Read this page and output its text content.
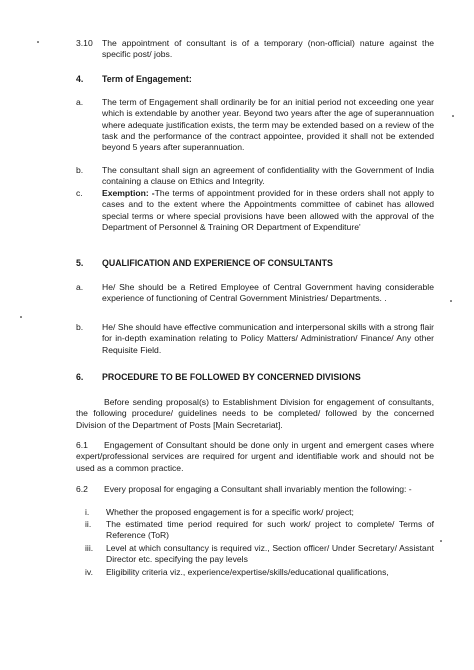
3.10 The appointment of consultant is of a temporary (non-official) nature against the specific post/ jobs.

4. Term of Engagement:
a. The term of Engagement shall ordinarily be for an initial period not exceeding one year which is extendable by another year. Beyond two years after the age of superannuation where adequate justification exists, the term may be extended based on a review of the task and the performance of the contract appointee, provided it shall not be extended beyond 5 years after superannuation.

b. The consultant shall sign an agreement of confidentiality with the Government of India containing a clause on Ethics and Integrity.

c. Exemption: -The terms of appointment provided for in these orders shall not apply to cases and to the extent where the Appointments committee of cabinet has allowed special terms or where special provisions have been allowed with the approval of the Department of Personnel & Training OR Department of Expenditure'

5. QUALIFICATION AND EXPERIENCE OF CONSULTANTS
a. He/ She should be a Retired Employee of Central Government having considerable experience of functioning of Central Government Ministries/ Departments. .

b. He/ She should have effective communication and interpersonal skills with a strong flair for in-depth examination relating to Policy Matters/ Administration/ Finance/ Any other Requisite Field.

6. PROCEDURE TO BE FOLLOWED BY CONCERNED DIVISIONS

Before sending proposal(s) to Establishment Division for engagement of consultants, the following procedure/ guidelines needs to be completed/ followed by the concerned Division of the Department of Posts [Main Secretariat].

6.1	Engagement of Consultant should be done only in urgent and emergent cases where expert/professional services are required for urgent and identifiable work and should not be used as a common practice.

6.2	Every proposal for engaging a Consultant shall invariably mention the following: -

i. Whether the proposed engagement is for a specific work/ project;

ii. The estimated time period required for such work/ project to complete/ Terms of Reference (ToR)

iii. Level at which consultancy is required viz., Section officer/ Under Secretary/ Assistant Director etc. specifying the pay levels

iv. Eligibility criteria viz., experience/expertise/skills/educational qualifications,
